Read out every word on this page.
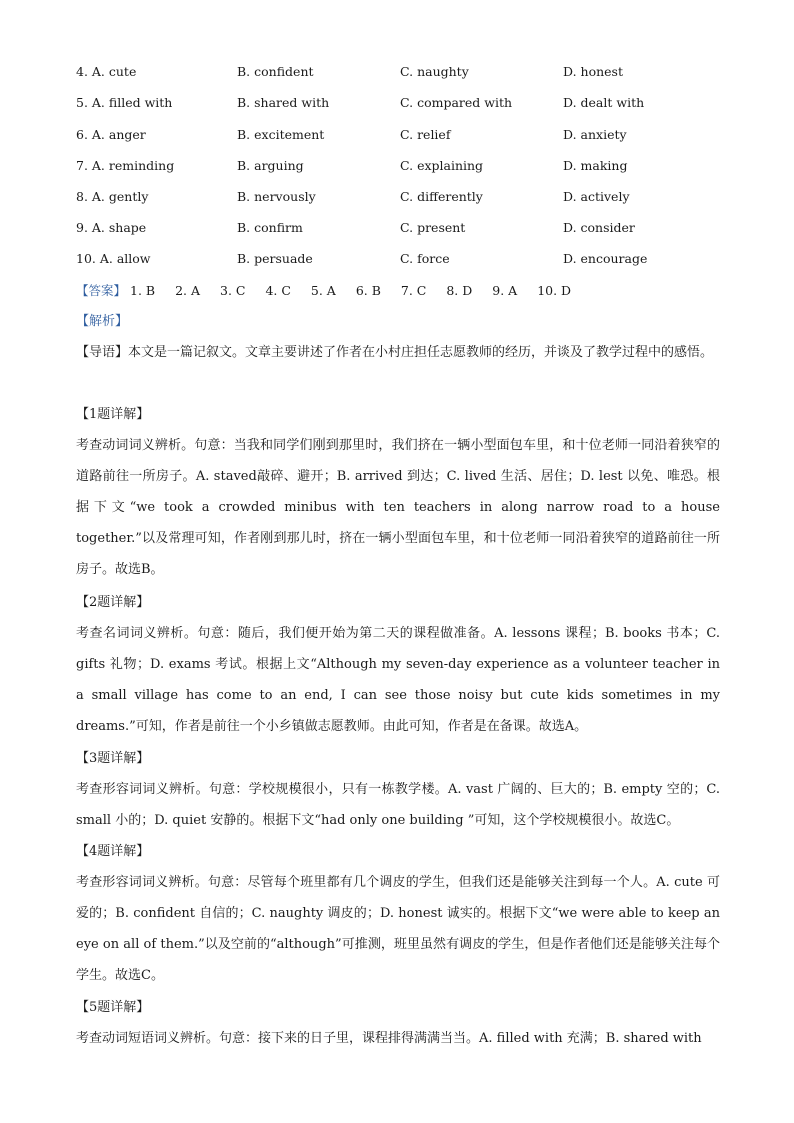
4. A. cute	B. confident	C. naughty	D. honest
5. A. filled with	B. shared with	C. compared with	D. dealt with
6. A. anger	B. excitement	C. relief	D. anxiety
7. A. reminding	B. arguing	C. explaining	D. making
8. A. gently	B. nervously	C. differently	D. actively
9. A. shape	B. confirm	C. present	D. consider
10. A. allow	B. persuade	C. force	D. encourage
【答案】 1. B 2. A 3. C 4. C 5. A 6. B 7. C 8. D 9. A 10. D
【解析】

【导语】本文是一篇记叙文。文章主要讲述了作者在小村庄担任志愿教师的经历，并谈及了教学过程中的感悟。

【1题详解】

考查动词词义辨析。句意：当我和同学们刚到那里时，我们挤在一辆小型面包车里，和十位老师一同沿着狭窄的道路前往一所房子。A. staved敲碎、避开；B. arrived 到达；C. lived 生活、居住；D. lest 以免、唯恐。根据下文“we took a crowded minibus with ten teachers in along narrow road to a house together.”以及常理可知，作者刚到那儿时，挤在一辆小型面包车里，和十位老师一同沿着狭窄的道路前往一所房子。故选B。

【2题详解】

考查名词词义辨析。句意：随后，我们便开始为第二天的课程做准备。A. lessons 课程；B. books 书本；C. gifts 礼物；D. exams 考试。根据上文“Although my seven-day experience as a volunteer teacher in a small village has come to an end, I can see those noisy but cute kids sometimes in my dreams.”可知，作者是前往一个小乡镇做志愿教师。由此可知，作者是在备课。故选A。

【3题详解】

考查形容词词义辨析。句意：学校规模很小，只有一栋教学楼。A. vast 广阔的、巨大的；B. empty 空的；C. small 小的；D. quiet 安静的。根据下文“had only one building ”可知，这个学校规模很小。故选C。

【4题详解】

考查形容词词义辨析。句意：尽管每个班里都有几个调皮的学生，但我们还是能够关注到每一个人。A. cute 可爱的；B. confident 自信的；C. naughty 调皮的；D. honest 诚实的。根据下文“we were able to keep an eye on all of them.”以及空前的“although”可推测，班里虽然有调皮的学生，但是作者他们还是能够关注每个学生。故选C。

【5题详解】

考查动词短语词义辨析。句意：接下来的日子里，课程排得满满当当。A. filled with 充满；B. shared with
